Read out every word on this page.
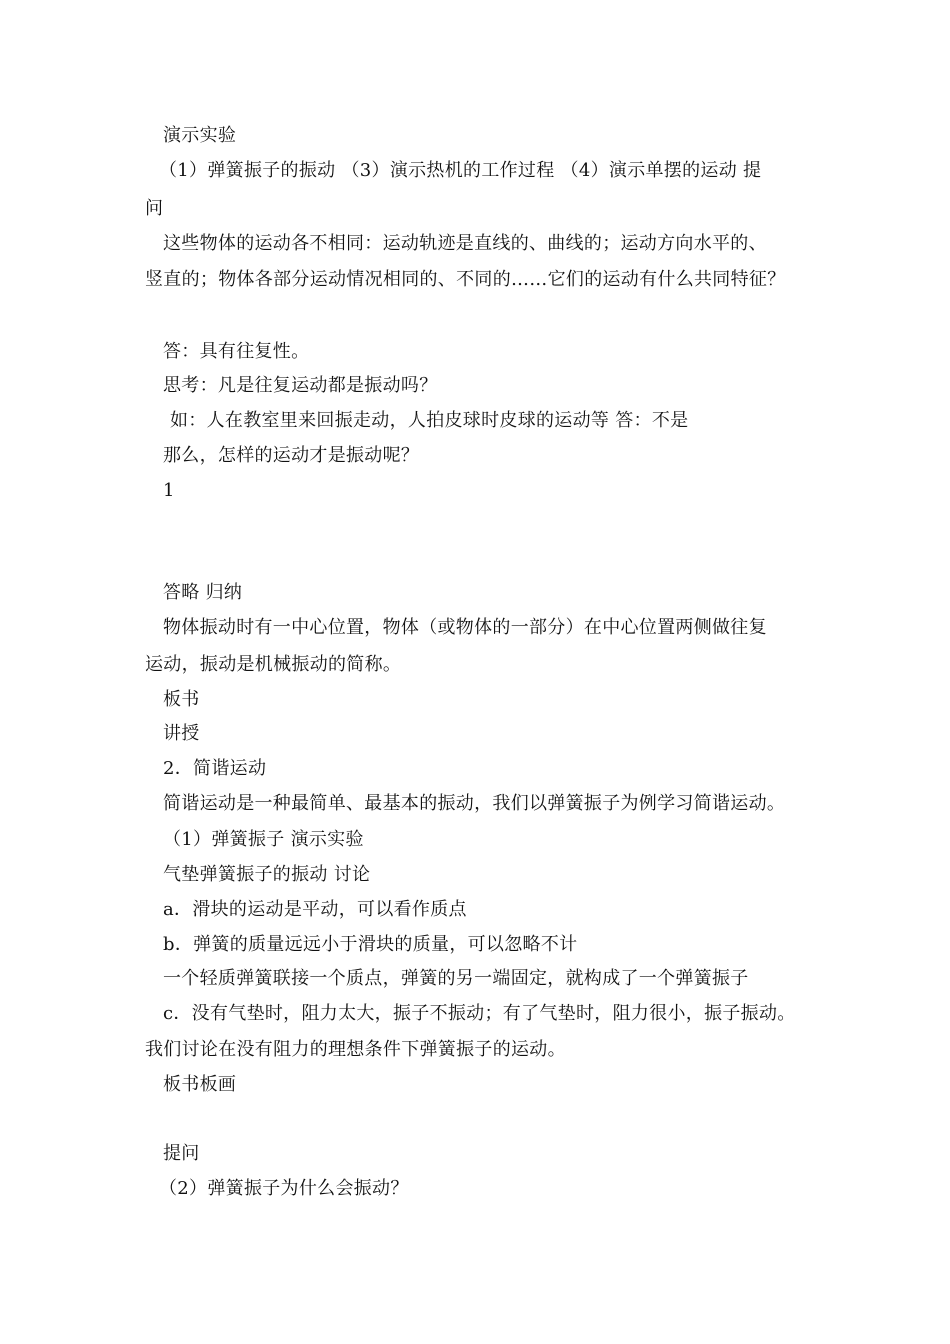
演示实验
（1）弹簧振子的振动 （3）演示热机的工作过程 （4）演示单摆的运动 提
问
这些物体的运动各不相同：运动轨迹是直线的、曲线的；运动方向水平的、
竖直的；物体各部分运动情况相同的、不同的……它们的运动有什么共同特征？
答：具有往复性。
思考：凡是往复运动都是振动吗？
如：人在教室里来回振走动，人拍皮球时皮球的运动等 答：不是
那么，怎样的运动才是振动呢？
1
答略 归纳
物体振动时有一中心位置，物体（或物体的一部分）在中心位置两侧做往复
运动，振动是机械振动的简称。
板书
讲授
2．简谐运动
简谐运动是一种最简单、最基本的振动，我们以弹簧振子为例学习简谐运动。
（1）弹簧振子 演示实验
气垫弹簧振子的振动 讨论
a．滑块的运动是平动，可以看作质点
b．弹簧的质量远远小于滑块的质量，可以忽略不计
一个轻质弹簧联接一个质点，弹簧的另一端固定，就构成了一个弹簧振子
c．没有气垫时，阻力太大，振子不振动；有了气垫时，阻力很小，振子振动。
我们讨论在没有阻力的理想条件下弹簧振子的运动。
板书板画
提问
（2）弹簧振子为什么会振动？
